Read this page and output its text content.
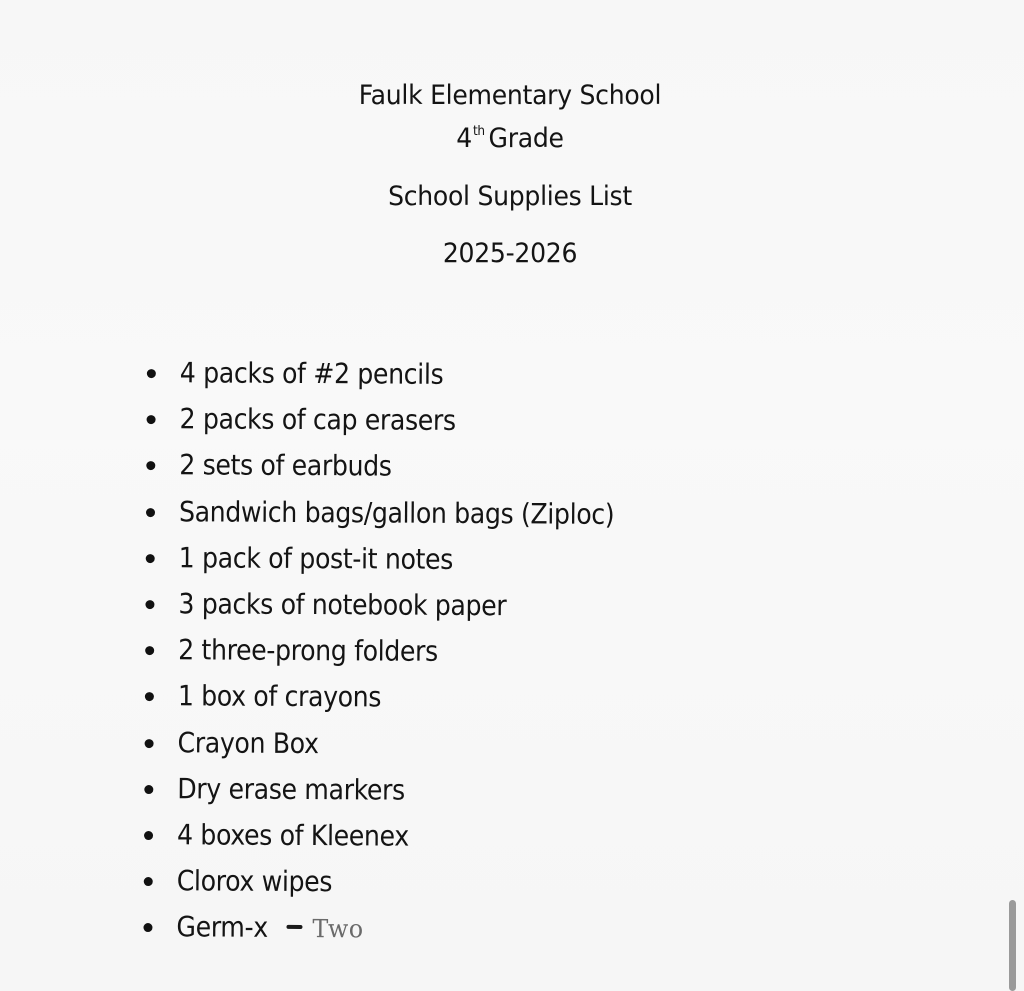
Faulk Elementary School
4th Grade
School Supplies List
2025-2026
4 packs of #2 pencils
2 packs of cap erasers
2 sets of earbuds
Sandwich bags/gallon bags (Ziploc)
1 pack of post-it notes
3 packs of notebook paper
2 three-prong folders
1 box of crayons
Crayon Box
Dry erase markers
4 boxes of Kleenex
Clorox wipes
Germ-x Two
